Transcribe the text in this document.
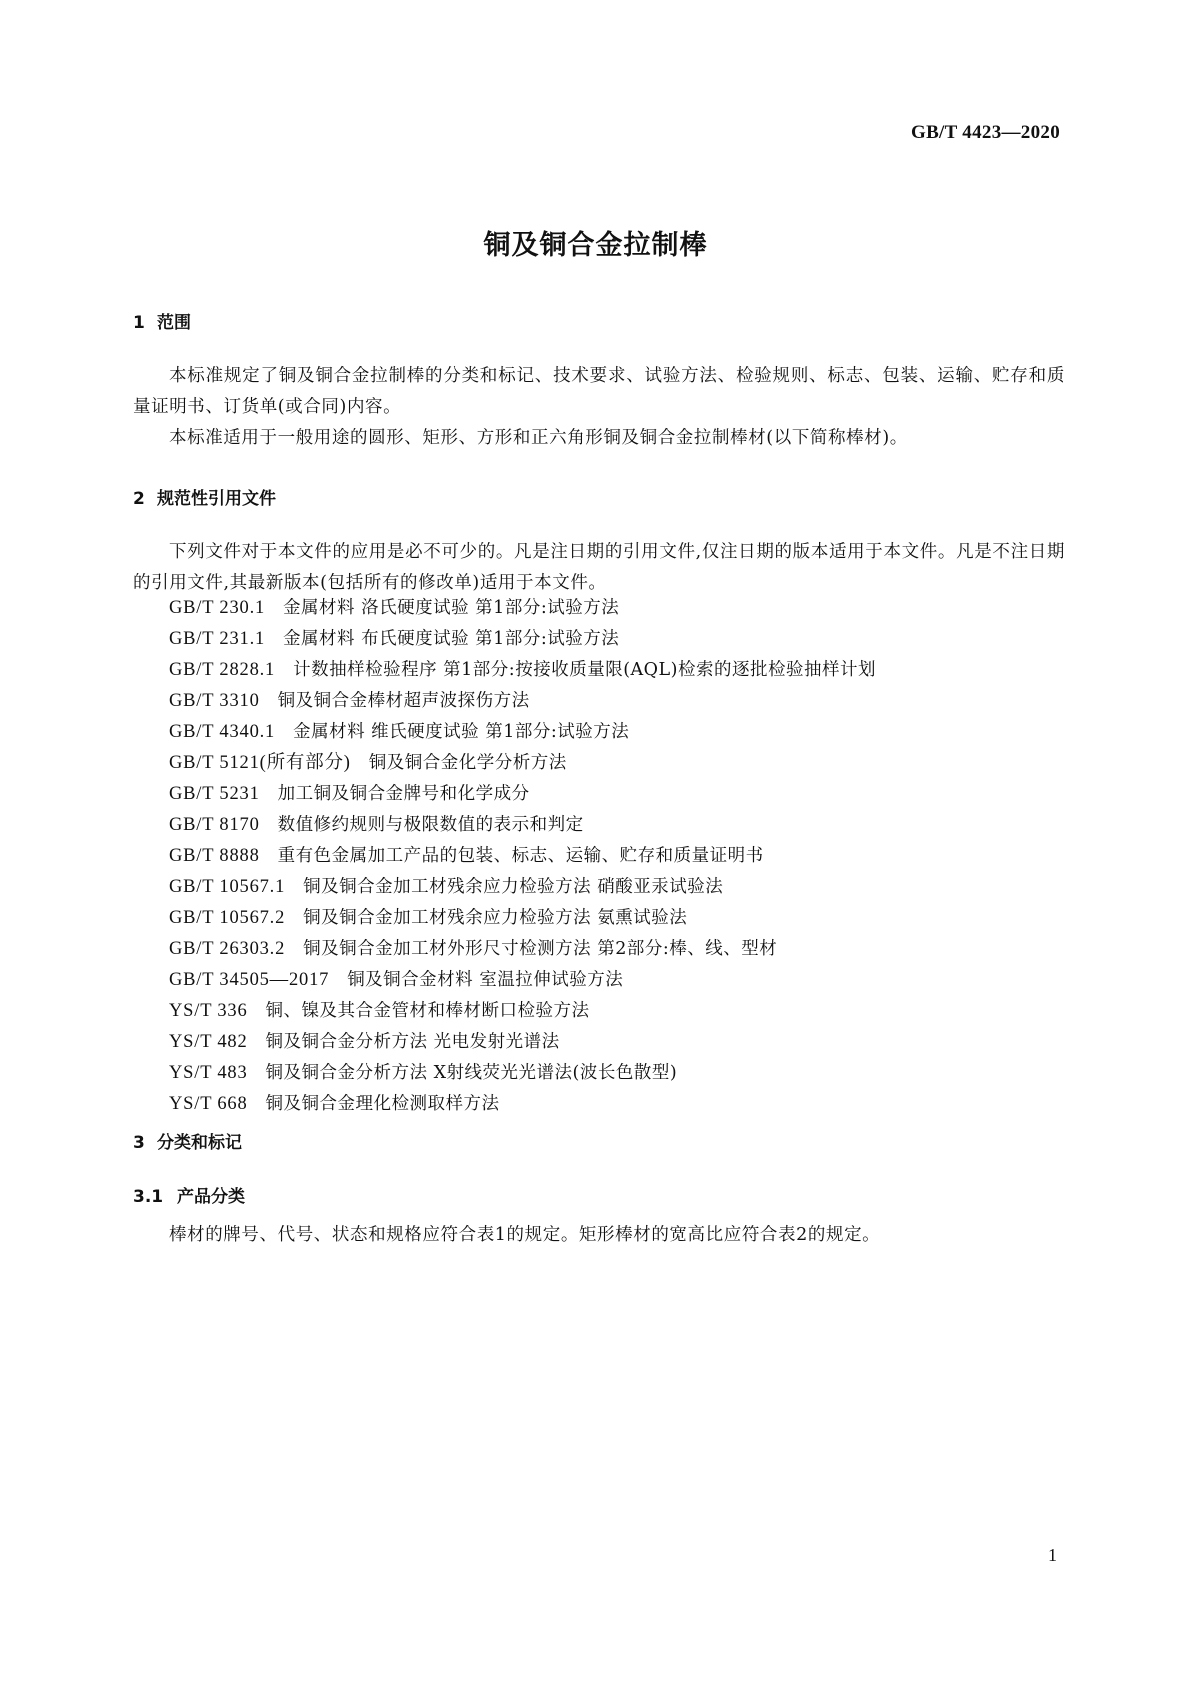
GB/T 4423—2020
铜及铜合金拉制棒
1 范围

本标准规定了铜及铜合金拉制棒的分类和标记、技术要求、试验方法、检验规则、标志、包装、运输、贮存和质量证明书、订货单(或合同)内容。

本标准适用于一般用途的圆形、矩形、方形和正六角形铜及铜合金拉制棒材(以下简称棒材)。

2 规范性引用文件

下列文件对于本文件的应用是必不可少的。凡是注日期的引用文件,仅注日期的版本适用于本文件。凡是不注日期的引用文件,其最新版本(包括所有的修改单)适用于本文件。

GB/T 230.1 金属材料 洛氏硬度试验 第1部分:试验方法
GB/T 231.1 金属材料 布氏硬度试验 第1部分:试验方法
GB/T 2828.1 计数抽样检验程序 第1部分:按接收质量限(AQL)检索的逐批检验抽样计划
GB/T 3310 铜及铜合金棒材超声波探伤方法
GB/T 4340.1 金属材料 维氏硬度试验 第1部分:试验方法
GB/T 5121(所有部分) 铜及铜合金化学分析方法
GB/T 5231 加工铜及铜合金牌号和化学成分
GB/T 8170 数值修约规则与极限数值的表示和判定
GB/T 8888 重有色金属加工产品的包装、标志、运输、贮存和质量证明书
GB/T 10567.1 铜及铜合金加工材残余应力检验方法 硝酸亚汞试验法
GB/T 10567.2 铜及铜合金加工材残余应力检验方法 氨熏试验法
GB/T 26303.2 铜及铜合金加工材外形尺寸检测方法 第2部分:棒、线、型材
GB/T 34505—2017 铜及铜合金材料 室温拉伸试验方法
YS/T 336 铜、镍及其合金管材和棒材断口检验方法
YS/T 482 铜及铜合金分析方法 光电发射光谱法
YS/T 483 铜及铜合金分析方法 X射线荧光光谱法(波长色散型)
YS/T 668 铜及铜合金理化检测取样方法
3 分类和标记
3.1 产品分类

棒材的牌号、代号、状态和规格应符合表1的规定。矩形棒材的宽高比应符合表2的规定。

1
